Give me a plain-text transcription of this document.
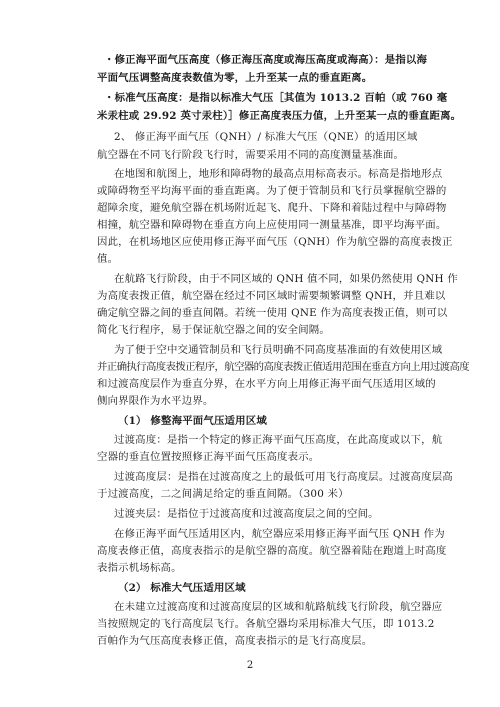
・修正海平面气压高度（修正海压高度或海压高度或海高）：是指以海

平面气压调整高度表数值为零，上升至某一点的垂直距离。

・标准气压高度：是指以标准大气压［其值为 1013.2 百帕（或 760 毫

米汞柱或 29.92 英寸汞柱）］修正高度表压力值，上升至某一点的垂直距离。

2、 修正海平面气压（QNH）/ 标准大气压（QNE）的适用区域

航空器在不同飞行阶段飞行时，需要采用不同的高度测量基准面。

在地图和航图上，地形和障碍物的最高点用标高表示。标高是指地形点

或障碍物至平均海平面的垂直距离。为了便于管制员和飞行员掌握航空器的

超障余度，避免航空器在机场附近起飞、爬升、下降和着陆过程中与障碍物

相撞，航空器和障碍物在垂直方向上应使用同一测量基准，即平均海平面。

因此，在机场地区应使用修正海平面气压（QNH）作为航空器的高度表拨正

值。

在航路飞行阶段，由于不同区域的 QNH 值不同，如果仍然使用 QNH 作

为高度表拨正值，航空器在经过不同区域时需要频繁调整 QNH，并且难以

确定航空器之间的垂直间隔。若统一使用 QNE 作为高度表拨正值，则可以

简化飞行程序，易于保证航空器之间的安全间隔。

为了便于空中交通管制员和飞行员明确不同高度基准面的有效使用区域

并正确执行高度表拨正程序，航空器的高度表拨正值适用范围在垂直方向上用过渡高度

和过渡高度层作为垂直分界，在水平方向上用修正海平面气压适用区域的

侧向界限作为水平边界。

（1） 修整海平面气压适用区域

过渡高度：是指一个特定的修正海平面气压高度，在此高度或以下，航

空器的垂直位置按照修正海平面气压高度表示。

过渡高度层：是指在过渡高度之上的最低可用飞行高度层。过渡高度层高

于过渡高度，二之间满足给定的垂直间隔。（300 米）

过渡夹层：是指位于过渡高度和过渡高度层之间的空间。

在修正海平面气压适用区内，航空器应采用修正海平面气压 QNH 作为

高度表修正值，高度表指示的是航空器的高度。航空器着陆在跑道上时高度

表指示机场标高。

（2） 标准大气压适用区域

在未建立过渡高度和过渡高度层的区域和航路航线飞行阶段，航空器应

当按照规定的飞行高度层飞行。各航空器均采用标准大气压，即 1013.2

百帕作为气压高度表修正值，高度表指示的是飞行高度层。

2
